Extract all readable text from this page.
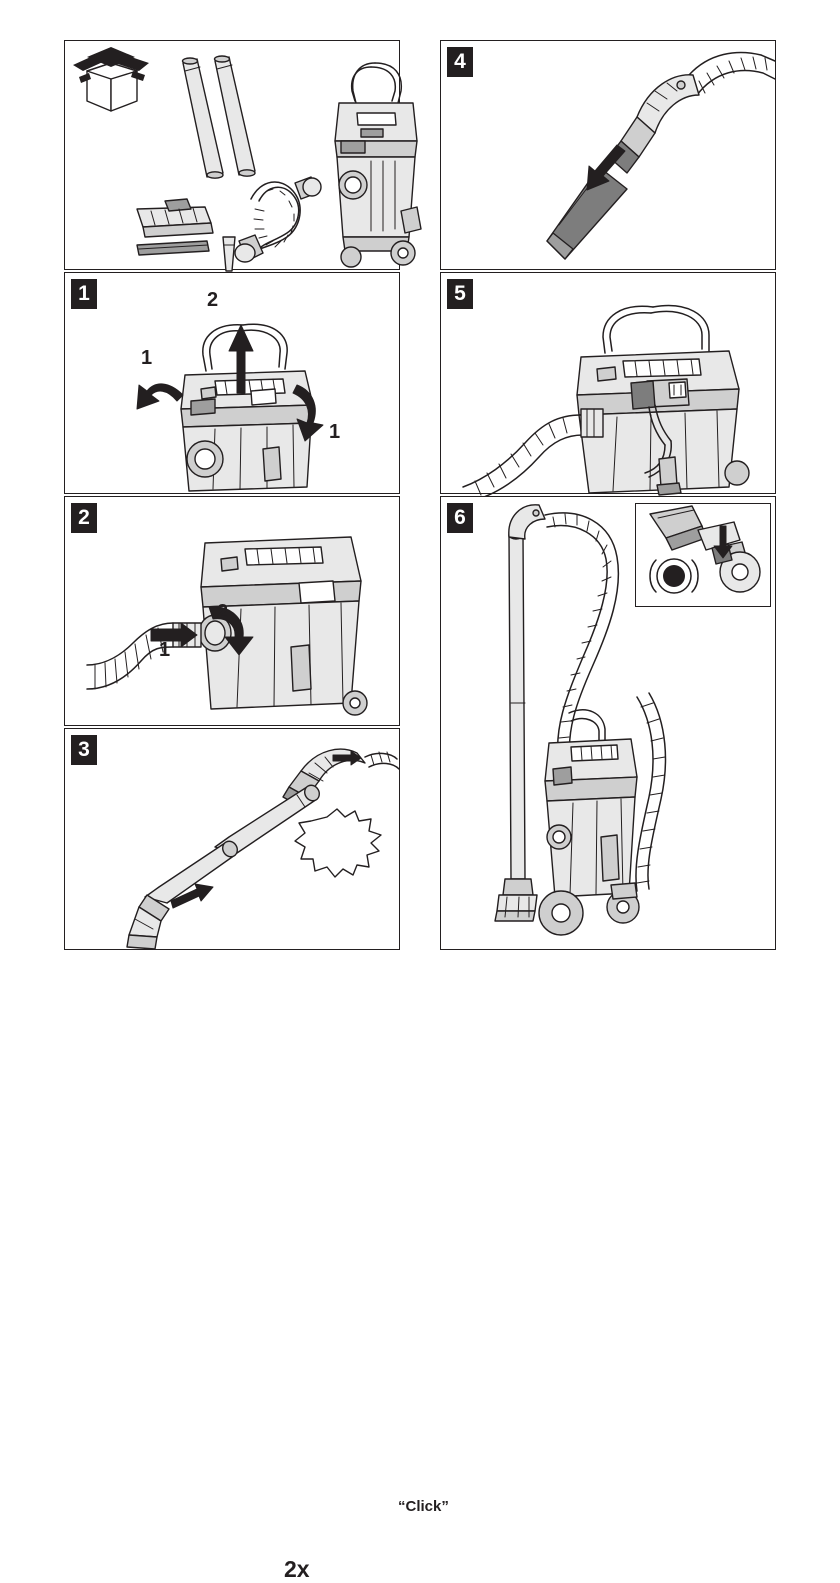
1
1
1
2
2
1
2
3
2x
“Click”
4
5
6
